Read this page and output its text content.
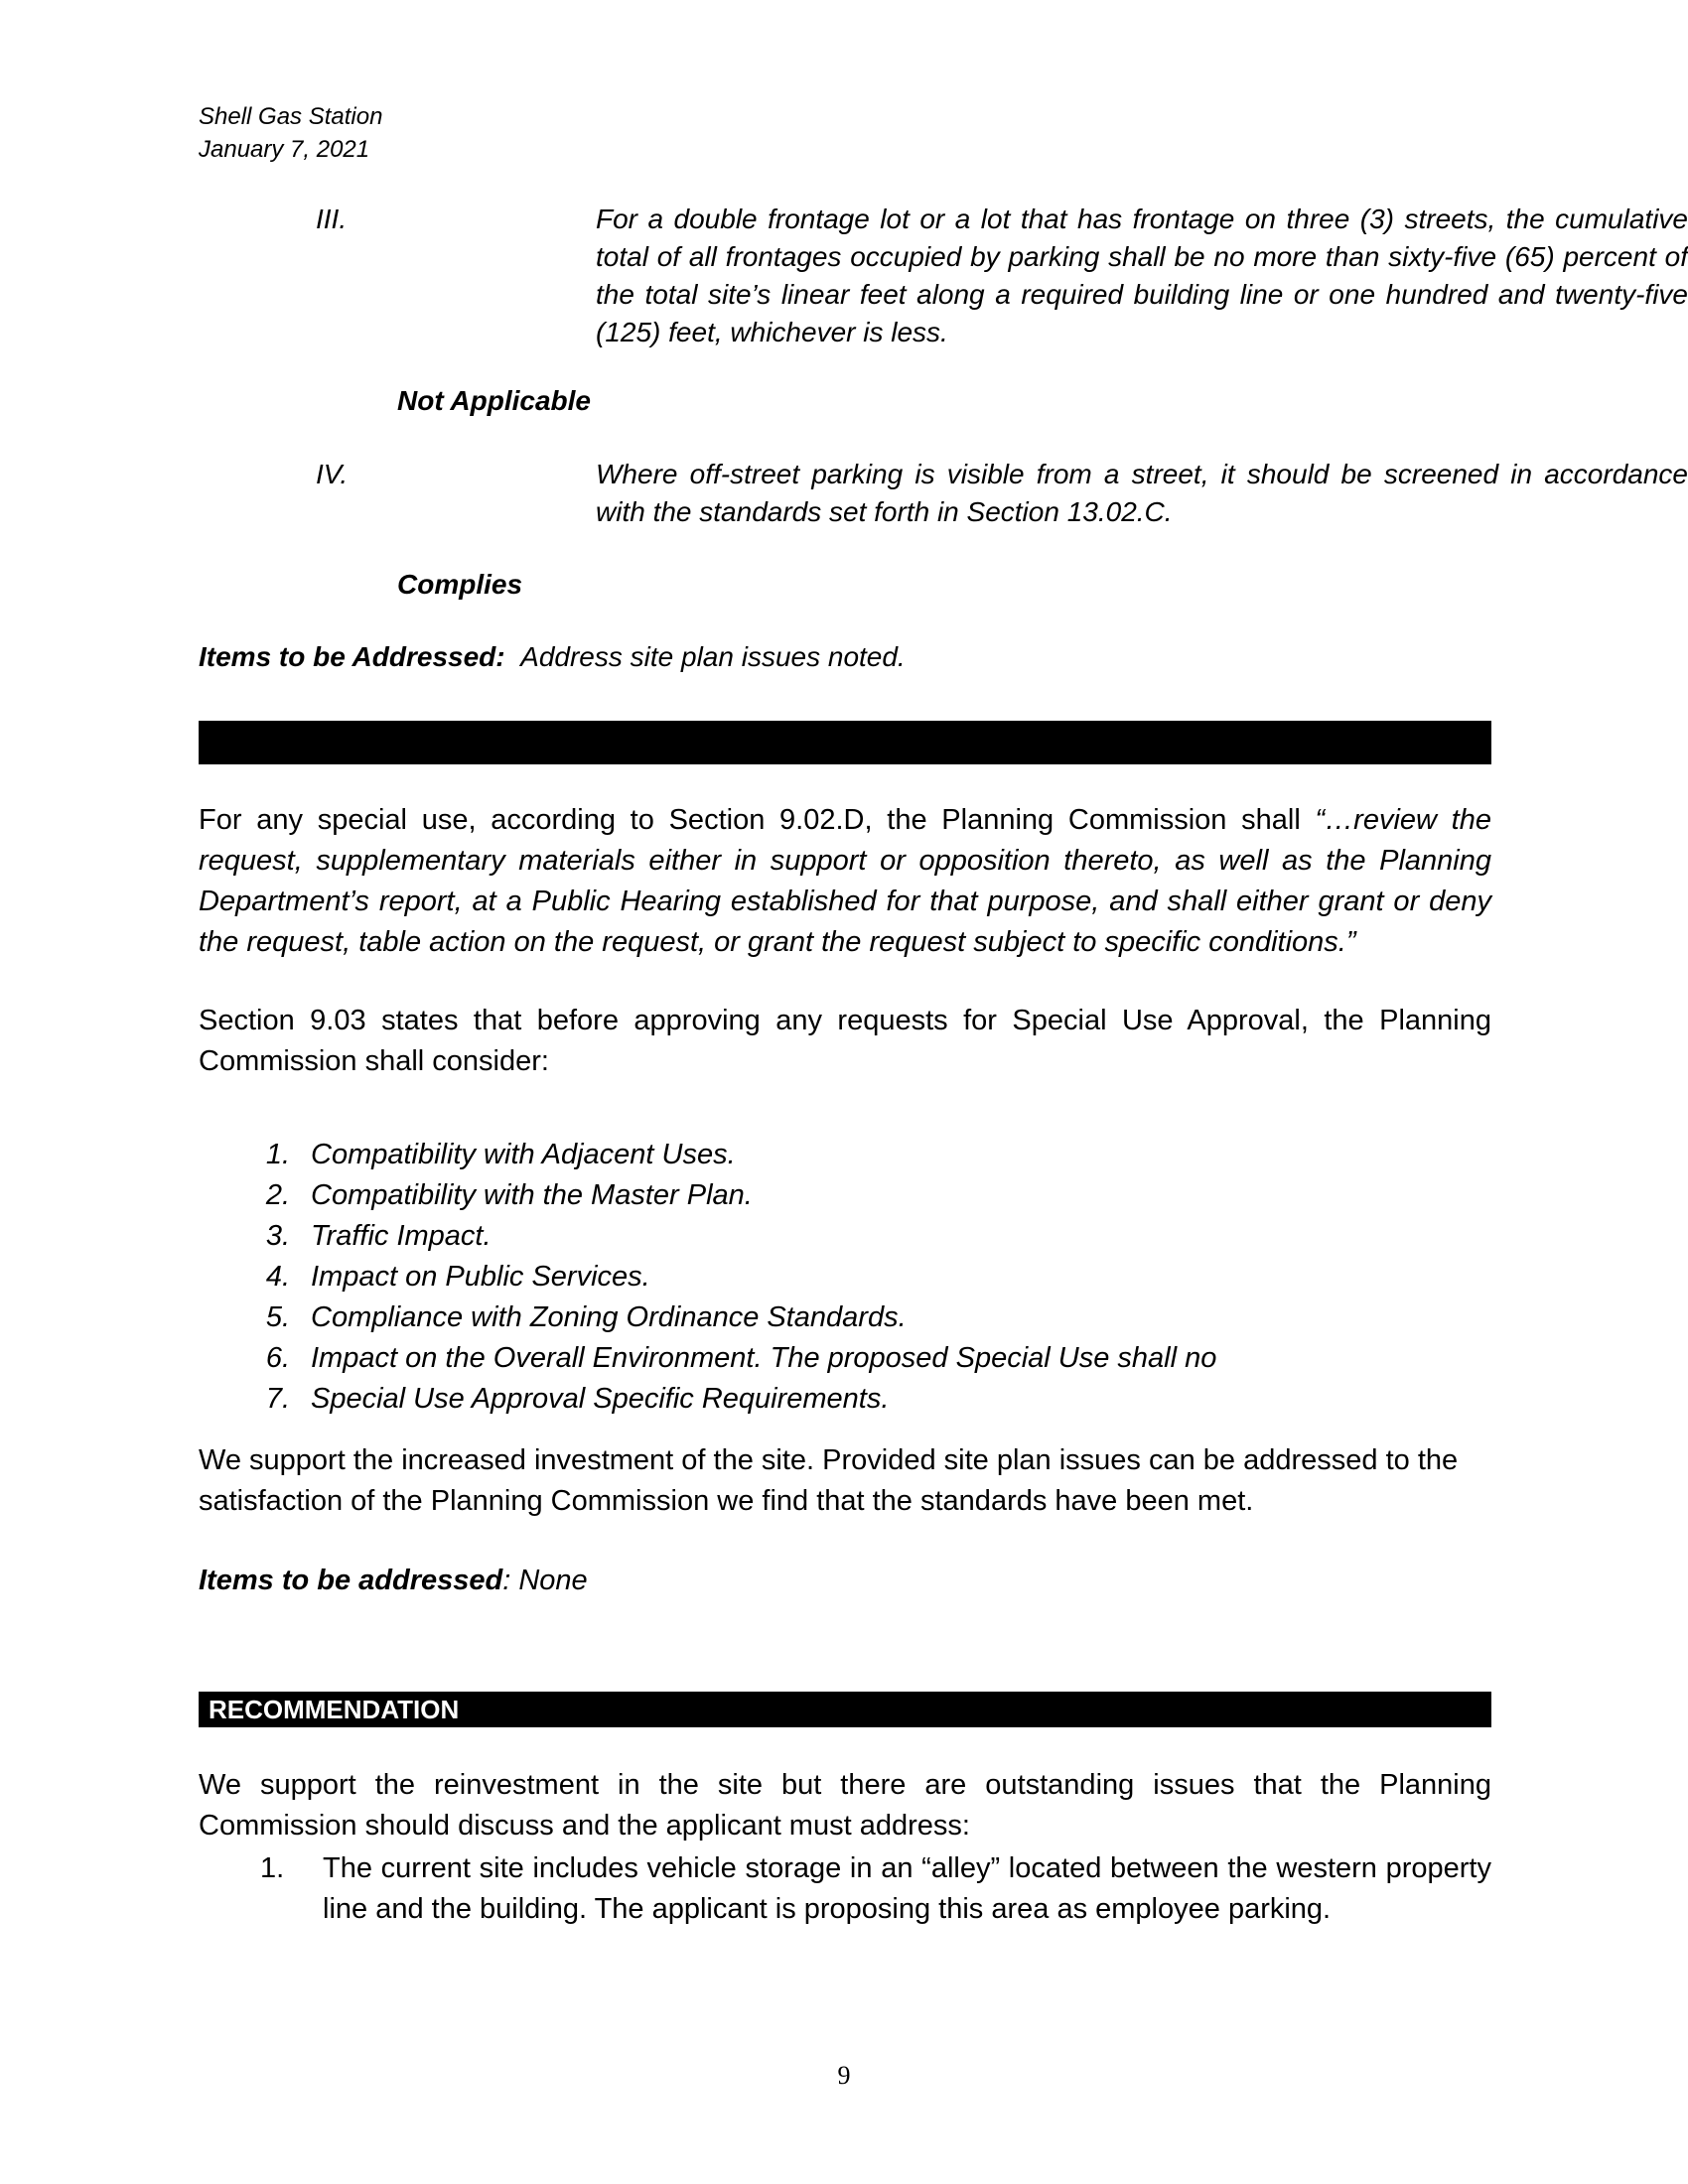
Shell Gas Station
January 7, 2021
III.	For a double frontage lot or a lot that has frontage on three (3) streets, the cumulative total of all frontages occupied by parking shall be no more than sixty-five (65) percent of the total site’s linear feet along a required building line or one hundred and twenty-five (125) feet, whichever is less.
Not Applicable
IV.	Where off-street parking is visible from a street, it should be screened in accordance with the standards set forth in Section 13.02.C.
Complies
Items to be Addressed: Address site plan issues noted.
For any special use, according to Section 9.02.D, the Planning Commission shall “…review the request, supplementary materials either in support or opposition thereto, as well as the Planning Department’s report, at a Public Hearing established for that purpose, and shall either grant or deny the request, table action on the request, or grant the request subject to specific conditions.”
Section 9.03 states that before approving any requests for Special Use Approval, the Planning Commission shall consider:
1. Compatibility with Adjacent Uses.
2. Compatibility with the Master Plan.
3. Traffic Impact.
4. Impact on Public Services.
5. Compliance with Zoning Ordinance Standards.
6. Impact on the Overall Environment. The proposed Special Use shall no
7. Special Use Approval Specific Requirements.
We support the increased investment of the site. Provided site plan issues can be addressed to the satisfaction of the Planning Commission we find that the standards have been met.
Items to be addressed: None
RECOMMENDATION
We support the reinvestment in the site but there are outstanding issues that the Planning Commission should discuss and the applicant must address:
1. The current site includes vehicle storage in an “alley” located between the western property line and the building. The applicant is proposing this area as employee parking.
9
